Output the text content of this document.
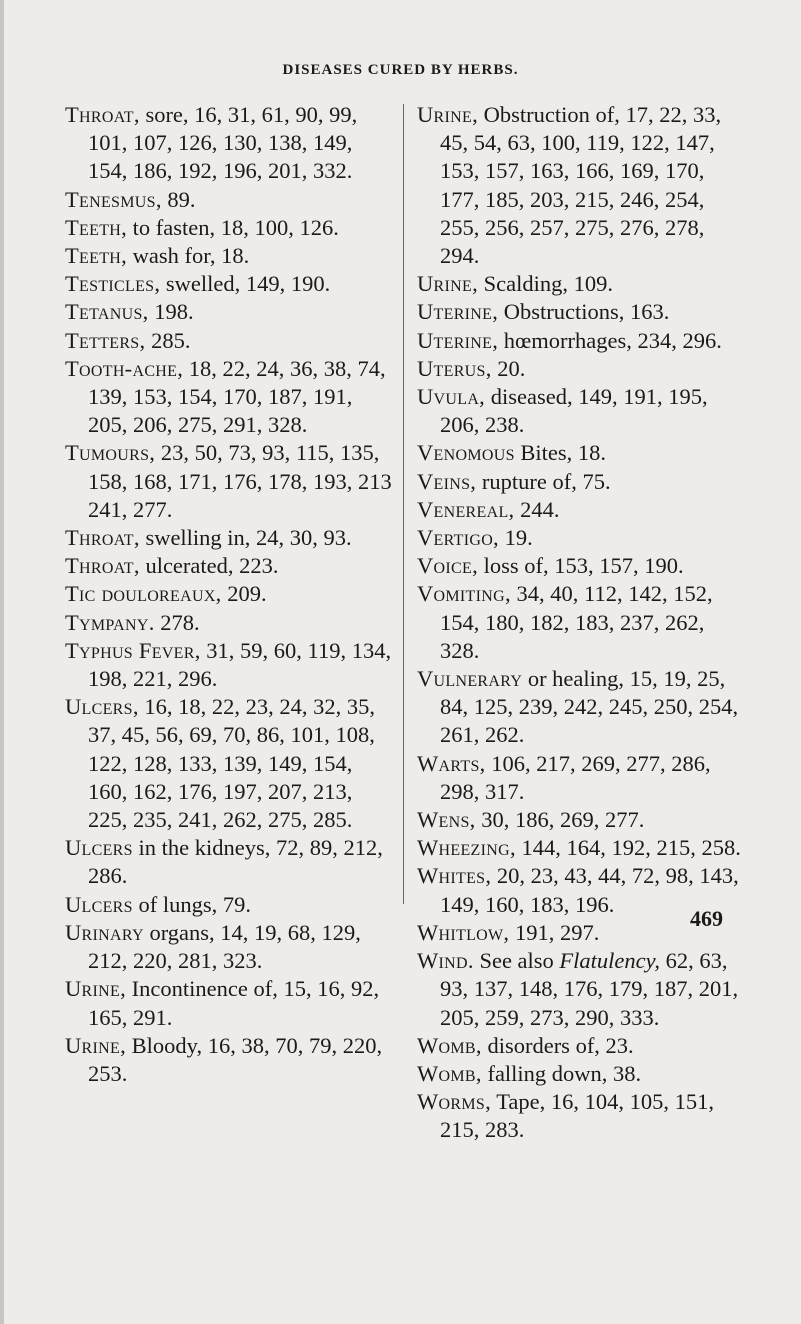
DISEASES CURED BY HERBS.

Throat, sore, 16, 31, 61, 90, 99, 101, 107, 126, 130, 138, 149, 154, 186, 192, 196, 201, 332.

Tenesmus, 89.

Teeth, to fasten, 18, 100, 126.

Teeth, wash for, 18.

Testicles, swelled, 149, 190.

Tetanus, 198.

Tetters, 285.

Tooth-ache, 18, 22, 24, 36, 38, 74, 139, 153, 154, 170, 187, 191, 205, 206, 275, 291, 328.

Tumours, 23, 50, 73, 93, 115, 135, 158, 168, 171, 176, 178, 193, 213 241, 277.

Throat, swelling in, 24, 30, 93.

Throat, ulcerated, 223.

Tic douloreaux, 209.

Tympany. 278.

Typhus Fever, 31, 59, 60, 119, 134, 198, 221, 296.

Ulcers, 16, 18, 22, 23, 24, 32, 35, 37, 45, 56, 69, 70, 86, 101, 108, 122, 128, 133, 139, 149, 154, 160, 162, 176, 197, 207, 213, 225, 235, 241, 262, 275, 285.

Ulcers in the kidneys, 72, 89, 212, 286.

Ulcers of lungs, 79.

Urinary organs, 14, 19, 68, 129, 212, 220, 281, 323.

Urine, Incontinence of, 15, 16, 92, 165, 291.

Urine, Bloody, 16, 38, 70, 79, 220, 253.

Urine, Obstruction of, 17, 22, 33, 45, 54, 63, 100, 119, 122, 147, 153, 157, 163, 166, 169, 170, 177, 185, 203, 215, 246, 254, 255, 256, 257, 275, 276, 278, 294.

Urine, Scalding, 109.

Uterine, Obstructions, 163.

Uterine, hœmorrhages, 234, 296.

Uterus, 20.

Uvula, diseased, 149, 191, 195, 206, 238.

Venomous Bites, 18.

Veins, rupture of, 75.

Venereal, 244.

Vertigo, 19.

Voice, loss of, 153, 157, 190.

Vomiting, 34, 40, 112, 142, 152, 154, 180, 182, 183, 237, 262, 328.

Vulnerary or healing, 15, 19, 25, 84, 125, 239, 242, 245, 250, 254, 261, 262.

Warts, 106, 217, 269, 277, 286, 298, 317.

Wens, 30, 186, 269, 277.

Wheezing, 144, 164, 192, 215, 258.

Whites, 20, 23, 43, 44, 72, 98, 143, 149, 160, 183, 196.

Whitlow, 191, 297.

Wind. See also Flatulency, 62, 63, 93, 137, 148, 176, 179, 187, 201, 205, 259, 273, 290, 333.

Womb, disorders of, 23.

Womb, falling down, 38.

Worms, Tape, 16, 104, 105, 151, 215, 283.

469
